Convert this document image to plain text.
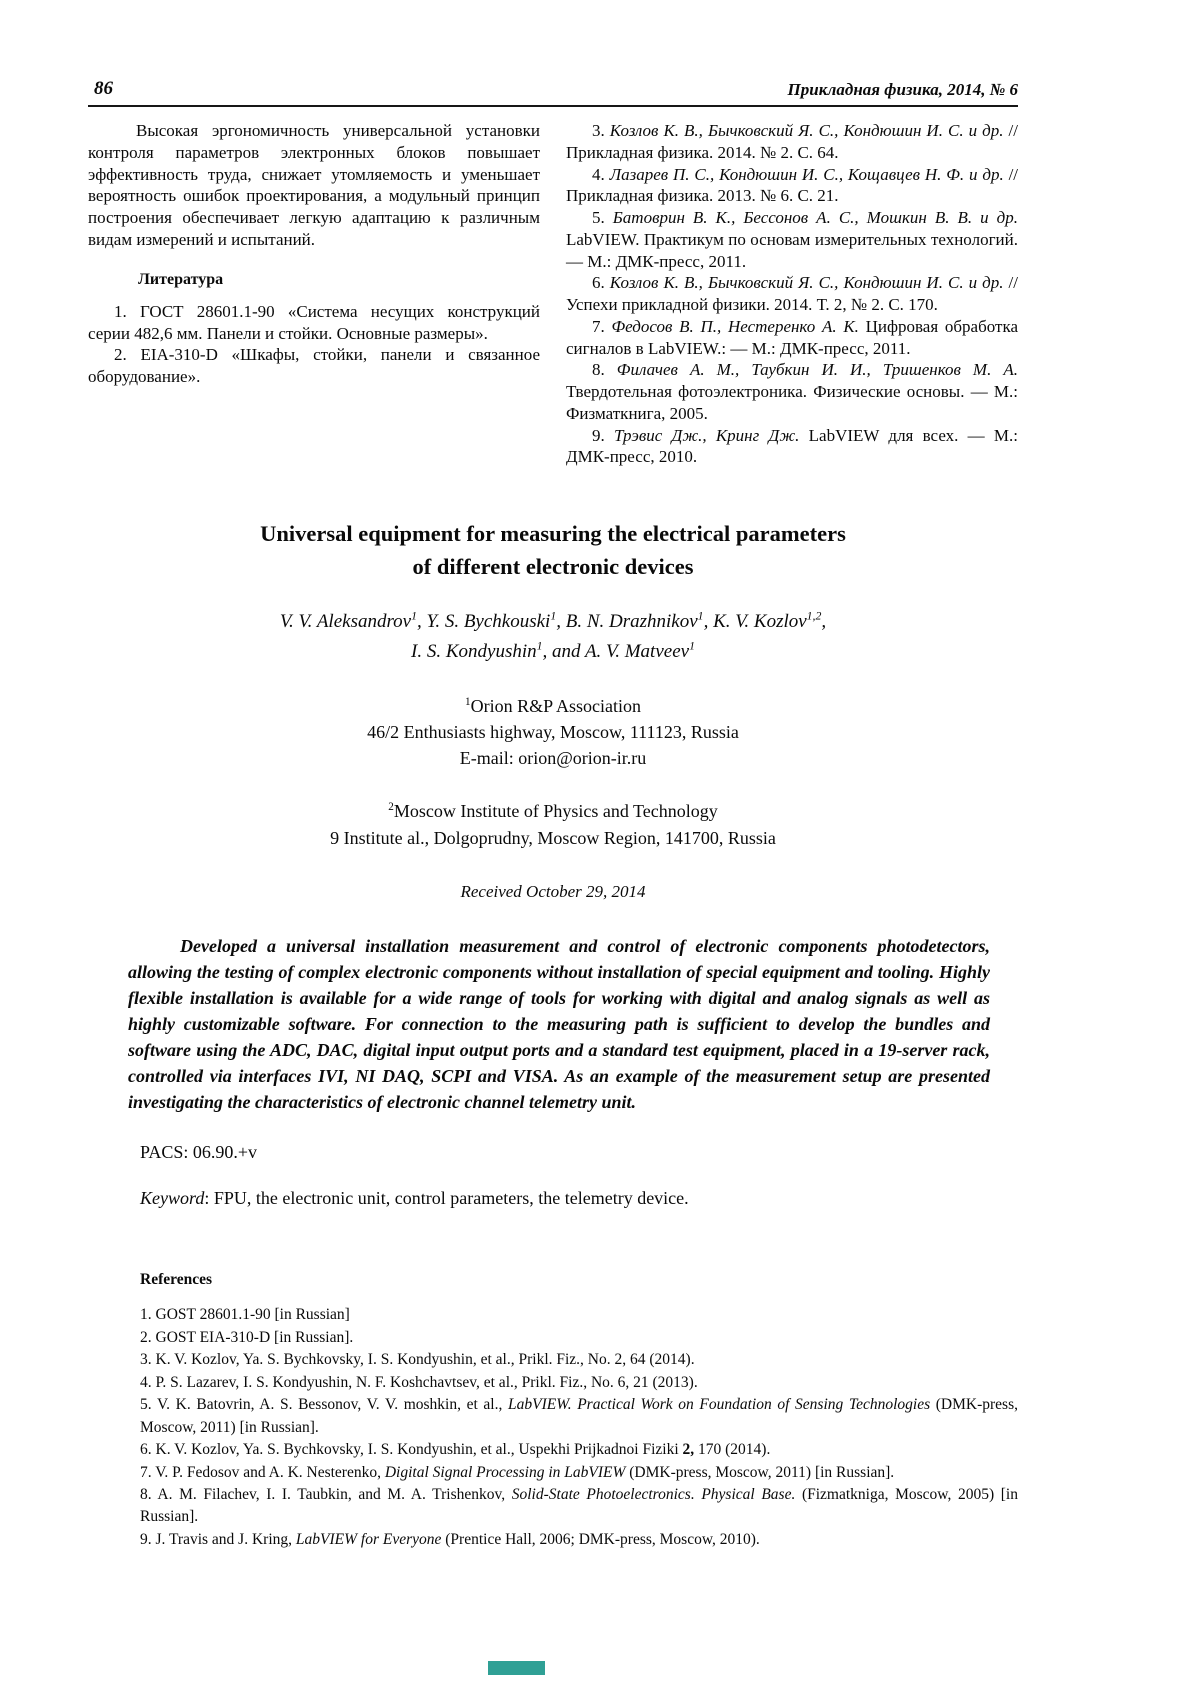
86	Прикладная физика, 2014, № 6

Высокая эргономичность универсальной установки контроля параметров электронных блоков повышает эффективность труда, снижает утомляемость и уменьшает вероятность ошибок проектирования, а модульный принцип построения обеспечивает легкую адаптацию к различным видам измерений и испытаний.

Литература

1. ГОСТ 28601.1-90 «Система несущих конструкций серии 482,6 мм. Панели и стойки. Основные размеры».

2. EIA-310-D «Шкафы, стойки, панели и связанное оборудование».

3. Козлов К. В., Бычковский Я. С., Кондюшин И. С. и др. // Прикладная физика. 2014. № 2. С. 64.

4. Лазарев П. С., Кондюшин И. С., Кощавцев Н. Ф. и др. // Прикладная физика. 2013. № 6. С. 21.

5. Батоврин В. К., Бессонов А. С., Мошкин В. В. и др. LabVIEW. Практикум по основам измерительных технологий. — М.: ДМК-пресс, 2011.

6. Козлов К. В., Бычковский Я. С., Кондюшин И. С. и др. // Успехи прикладной физики. 2014. Т. 2, № 2. С. 170.

7. Федосов В. П., Нестеренко А. К. Цифровая обработка сигналов в LabVIEW.: — М.: ДМК-пресс, 2011.

8. Филачев А. М., Таубкин И. И., Тришенков М. А. Твердотельная фотоэлектроника. Физические основы. — М.: Физматкнига, 2005.

9. Трэвис Дж., Кринг Дж. LabVIEW для всех. — М.: ДМК-пресс, 2010.

Universal equipment for measuring the electrical parameters
of different electronic devices
V. V. Aleksandrov$^1$, Y. S. Bychkouski$^1$, B. N. Drazhnikov$^1$, K. V. Kozlov$^{1,2}$,
I. S. Kondyushin$^1$, and A. V. Matveev$^1$
$^1$Orion R&P Association
46/2 Enthusiasts highway, Moscow, 111123, Russia
E-mail: orion@orion-ir.ru
$^2$Moscow Institute of Physics and Technology
9 Institute al., Dolgoprudny, Moscow Region, 141700, Russia
Received October 29, 2014

Developed a universal installation measurement and control of electronic components photodetectors, allowing the testing of complex electronic components without installation of special equipment and tooling. Highly flexible installation is available for a wide range of tools for working with digital and analog signals as well as highly customizable software. For connection to the measuring path is sufficient to develop the bundles and software using the ADC, DAC, digital input output ports and a standard test equipment, placed in a 19-server rack, controlled via interfaces IVI, NI DAQ, SCPI and VISA. As an example of the measurement setup are presented investigating the characteristics of electronic channel telemetry unit.

PACS: 06.90.+v
Keyword: FPU, the electronic unit, control parameters, the telemetry device.
References

1. GOST 28601.1-90 [in Russian]

2. GOST EIA-310-D [in Russian].

3. K. V. Kozlov, Ya. S. Bychkovsky, I. S. Kondyushin, et al., Prikl. Fiz., No. 2, 64 (2014).

4. P. S. Lazarev, I. S. Kondyushin, N. F. Koshchavtsev, et al., Prikl. Fiz., No. 6, 21 (2013).

5. V. K. Batovrin, A. S. Bessonov, V. V. moshkin, et al., LabVIEW. Practical Work on Foundation of Sensing Technologies (DMK-press, Moscow, 2011) [in Russian].

6. K. V. Kozlov, Ya. S. Bychkovsky, I. S. Kondyushin, et al., Uspekhi Prijkadnoi Fiziki 2, 170 (2014).

7. V. P. Fedosov and A. K. Nesterenko, Digital Signal Processing in LabVIEW (DMK-press, Moscow, 2011) [in Russian].

8. A. M. Filachev, I. I. Taubkin, and M. A. Trishenkov, Solid-State Photoelectronics. Physical Base. (Fizmatkniga, Moscow, 2005) [in Russian].

9. J. Travis and J. Kring, LabVIEW for Everyone (Prentice Hall, 2006; DMK-press, Moscow, 2010).
